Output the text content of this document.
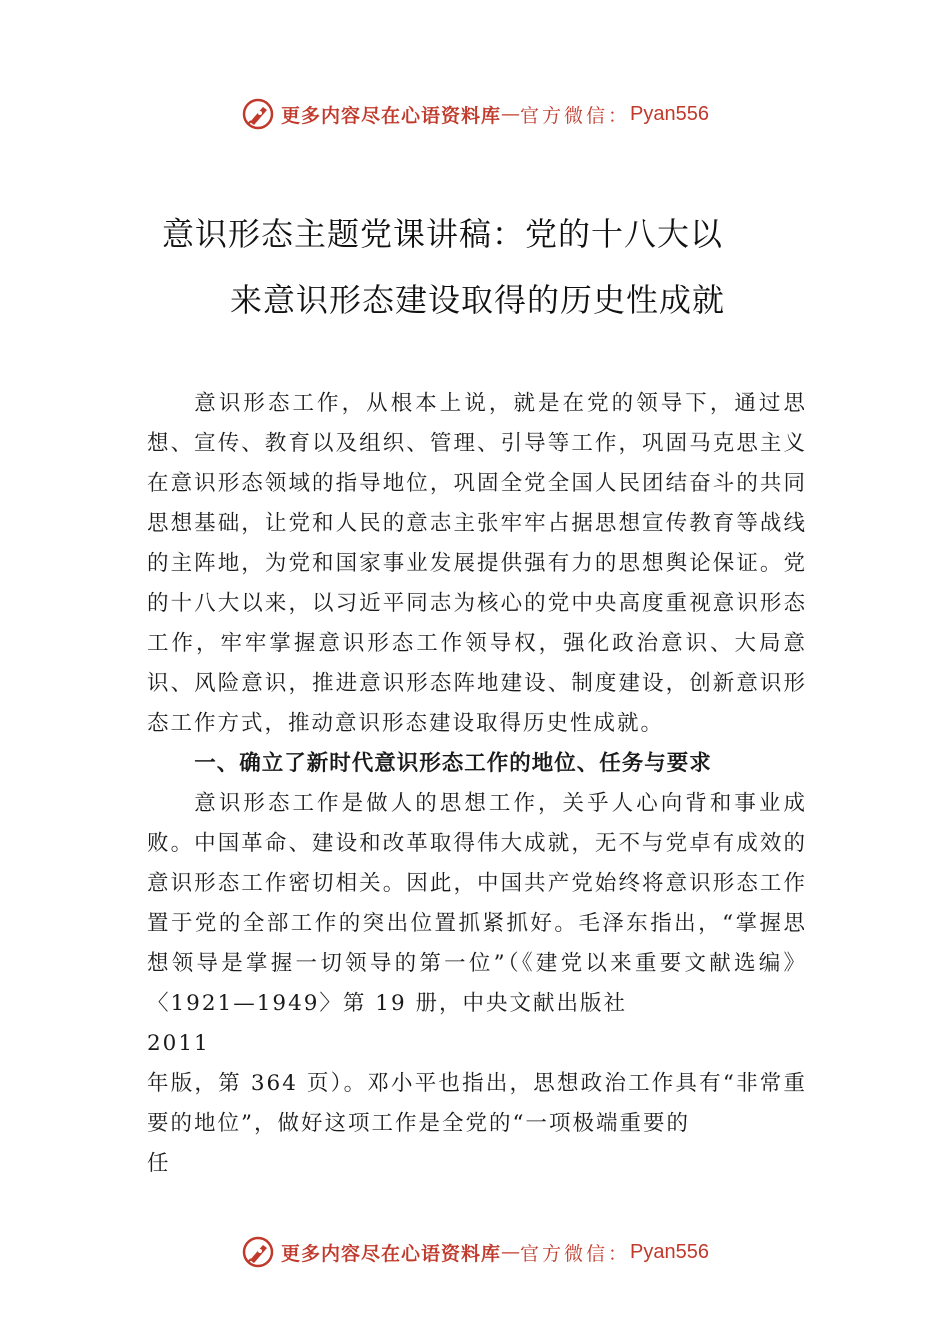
更多内容尽在心语资料库 — 官方微信： Pyan556
意识形态主题党课讲稿：党的十八大以
来意识形态建设取得的历史性成就

意识形态工作，从根本上说，就是在党的领导下，通过思想、宣传、教育以及组织、管理、引导等工作，巩固马克思主义在意识形态领域的指导地位，巩固全党全国人民团结奋斗的共同思想基础，让党和人民的意志主张牢牢占据思想宣传教育等战线的主阵地，为党和国家事业发展提供强有力的思想舆论保证。党的十八大以来，以习近平同志为核心的党中央高度重视意识形态工作，牢牢掌握意识形态工作领导权，强化政治意识、大局意识、风险意识，推进意识形态阵地建设、制度建设，创新意识形态工作方式，推动意识形态建设取得历史性成就。

一、确立了新时代意识形态工作的地位、任务与要求

意识形态工作是做人的思想工作，关乎人心向背和事业成败。中国革命、建设和改革取得伟大成就，无不与党卓有成效的意识形态工作密切相关。因此，中国共产党始终将意识形态工作置于党的全部工作的突出位置抓紧抓好。毛泽东指出，“掌握思想领导是掌握一切领导的第一位”（《建党以来重要文献选编》〈1921—1949〉第 19 册，中央文献出版社

2011

年版，第 364 页）。邓小平也指出，思想政治工作具有“非常重要的地位”，做好这项工作是全党的“一项极端重要的

任

更多内容尽在心语资料库 — 官方微信： Pyan556
